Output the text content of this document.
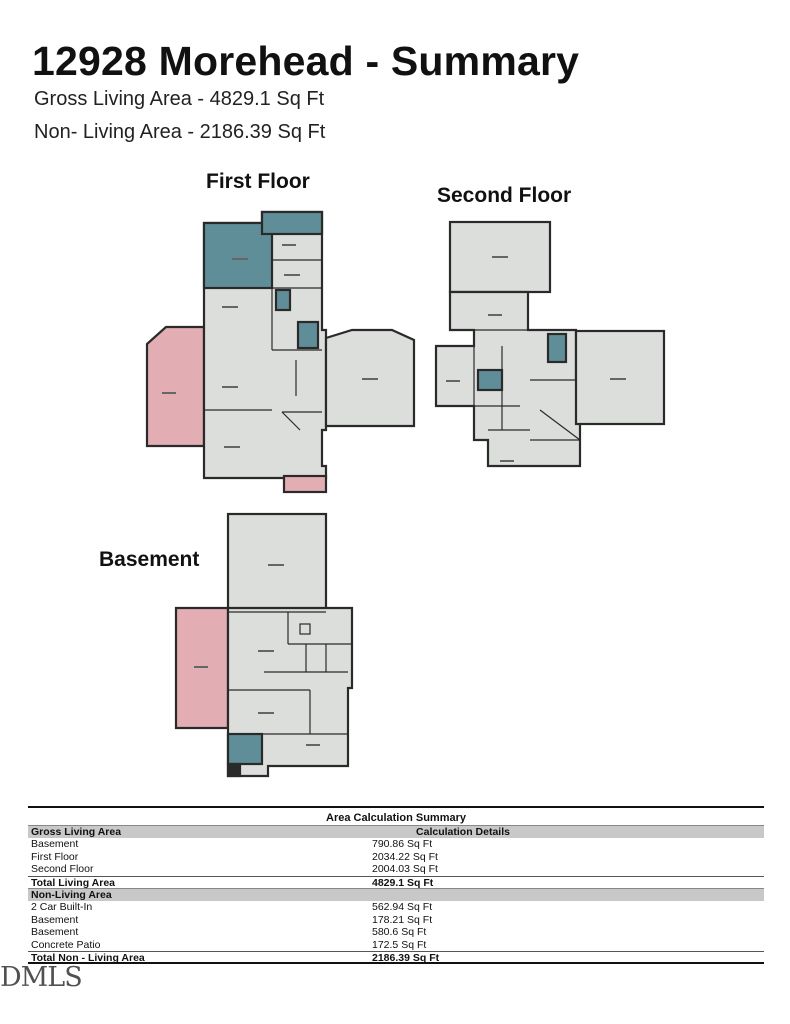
12928 Morehead - Summary
Gross Living Area - 4829.1 Sq Ft
Non- Living Area - 2186.39 Sq Ft
First Floor
Second Floor
Basement
Area Calculation Summary
Gross Living Area	Calculation Details
Basement	790.86 Sq Ft
First Floor	2034.22 Sq Ft
Second Floor	2004.03 Sq Ft
Total Living Area	4829.1 Sq Ft
Non-Living Area
2 Car Built-In	562.94 Sq Ft
Basement	178.21 Sq Ft
Basement	580.6 Sq Ft
Concrete Patio	172.5 Sq Ft
Total Non - Living Area	2186.39 Sq Ft
DMLS
